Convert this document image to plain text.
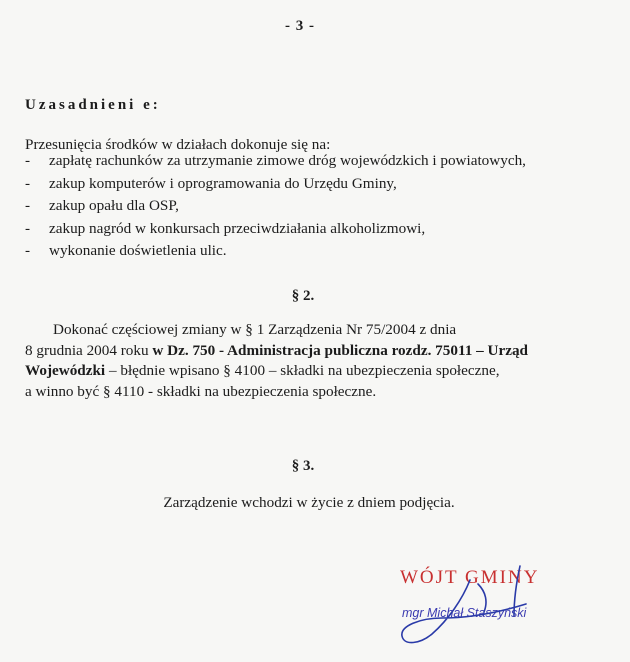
- 3 -
Uzasadnieni e:
Przesunięcia środków w działach dokonuje się na:
- zapłatę rachunków za utrzymanie zimowe dróg wojewódzkich i powiatowych,
- zakup komputerów i oprogramowania do Urzędu Gminy,
- zakup opału dla OSP,
- zakup nagród w konkursach przeciwdziałania alkoholizmowi,
- wykonanie doświetlenia ulic.
§ 2.
Dokonać częściowej zmiany w § 1 Zarządzenia Nr 75/2004 z dnia
8 grudnia 2004 roku w Dz. 750 - Administracja publiczna rozdz. 75011 – Urząd
Wojewódzki – błędnie wpisano § 4100 – składki na ubezpieczenia społeczne,
a winno być § 4110 - składki na ubezpieczenia społeczne.
§ 3.
Zarządzenie wchodzi w życie z dniem podjęcia.
WÓJT GMINY
mgr Michał Staszyński
